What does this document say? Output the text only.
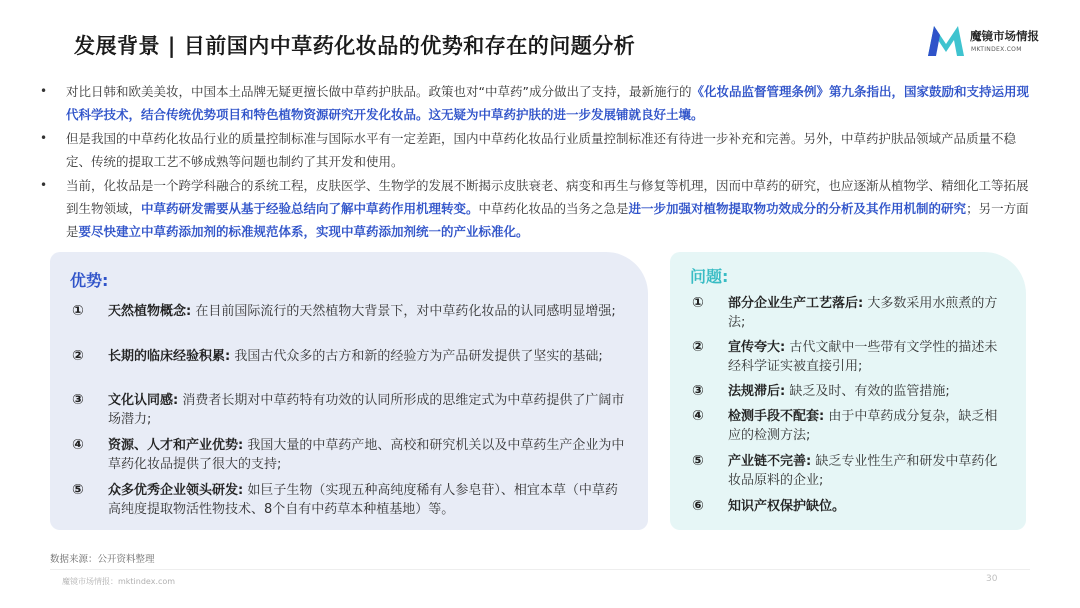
发展背景 | 目前国内中草药化妆品的优势和存在的问题分析	魔镜市场情报
MKTINDEX.COM
• 对比日韩和欧美美妆，中国本土品牌无疑更擅长做中草药护肤品。政策也对“中草药”成分做出了支持，最新施行的《化妆品监督管理条例》第九条指出，国家鼓励和支持运用现代科学技术，结合传统优势项目和特色植物资源研究开发化妆品。这无疑为中草药护肤的进一步发展铺就良好土壤。
• 但是我国的中草药化妆品行业的质量控制标准与国际水平有一定差距，国内中草药化妆品行业质量控制标准还有待进一步补充和完善。另外，中草药护肤品领域产品质量不稳定、传统的提取工艺不够成熟等问题也制约了其开发和使用。
• 当前，化妆品是一个跨学科融合的系统工程，皮肤医学、生物学的发展不断揭示皮肤衰老、病变和再生与修复等机理，因而中草药的研究，也应逐渐从植物学、精细化工等拓展到生物领域，中草药研发需要从基于经验总结向了解中草药作用机理转变。中草药化妆品的当务之急是进一步加强对植物提取物功效成分的分析及其作用机制的研究；另一方面是要尽快建立中草药添加剂的标准规范体系，实现中草药添加剂统一的产业标准化。
优势:
①	天然植物概念: 在目前国际流行的天然植物大背景下，对中草药化妆品的认同感明显增强;
②	长期的临床经验积累: 我国古代众多的古方和新的经验方为产品研发提供了坚实的基础;
③	文化认同感: 消费者长期对中草药特有功效的认同所形成的思维定式为中草药提供了广阔市场潜力;
④	资源、人才和产业优势: 我国大量的中草药产地、高校和研究机关以及中草药生产企业为中草药化妆品提供了很大的支持;
⑤	众多优秀企业领头研发: 如巨子生物（实现五种高纯度稀有人参皂苷）、相宜本草（中草药高纯度提取物活性物技术、8个自有中药草本种植基地）等。
问题:
①	部分企业生产工艺落后: 大多数采用水煎煮的方法;
②	宣传夸大: 古代文献中一些带有文学性的描述未经科学证实被直接引用;
③	法规滞后: 缺乏及时、有效的监管措施;
④	检测手段不配套: 由于中草药成分复杂，缺乏相应的检测方法;
⑤	产业链不完善: 缺乏专业性生产和研发中草药化妆品原料的企业;
⑥	知识产权保护缺位。
数据来源：公开资料整理
魔镜市场情报：mktindex.com	30
